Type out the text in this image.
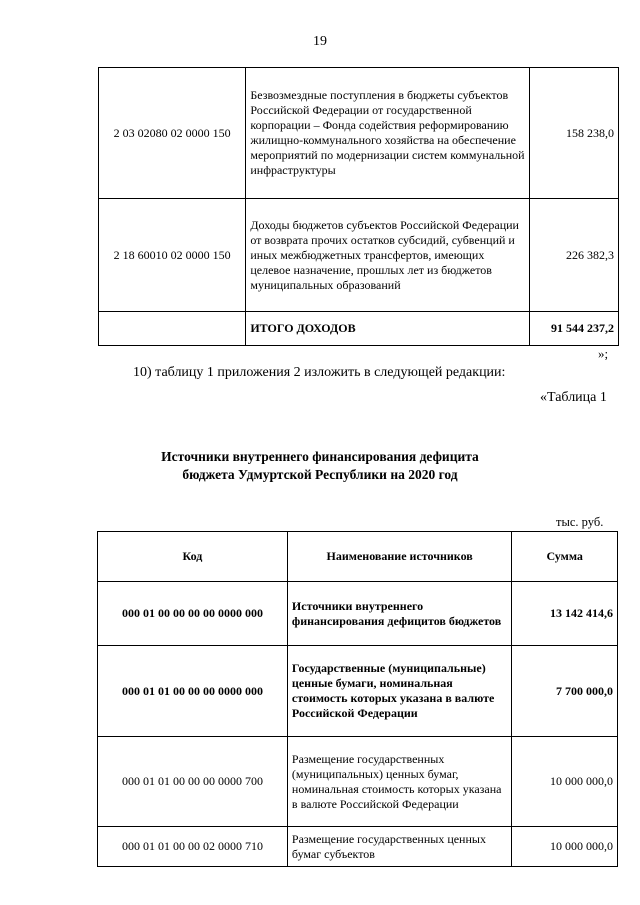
19
2 03 02080 02 0000 150	Безвозмездные поступления в бюджеты субъектов Российской Федерации от государственной корпорации – Фонда содействия реформированию жилищно-коммунального хозяйства на обеспечение мероприятий по модернизации систем коммунальной инфраструктуры	158 238,0
2 18 60010 02 0000 150	Доходы бюджетов субъектов Российской Федерации от возврата прочих остатков субсидий, субвенций и иных межбюджетных трансфертов, имеющих целевое назначение, прошлых лет из бюджетов муниципальных образований	226 382,3
	ИТОГО ДОХОДОВ	91 544 237,2
»;
10) таблицу 1 приложения 2 изложить в следующей редакции:
«Таблица 1
Источники внутреннего финансирования дефицита
бюджета Удмуртской Республики на 2020 год
тыс. руб.
Код	Наименование источников	Сумма
000 01 00 00 00 00 0000 000	Источники внутреннего финансирования дефицитов бюджетов	13 142 414,6
000 01 01 00 00 00 0000 000	Государственные (муниципальные) ценные бумаги, номинальная стоимость которых указана в валюте Российской Федерации	7 700 000,0
000 01 01 00 00 00 0000 700	Размещение государственных (муниципальных) ценных бумаг, номинальная стоимость которых указана в валюте Российской Федерации	10 000 000,0
000 01 01 00 00 02 0000 710	Размещение государственных ценных бумаг субъектов	10 000 000,0
